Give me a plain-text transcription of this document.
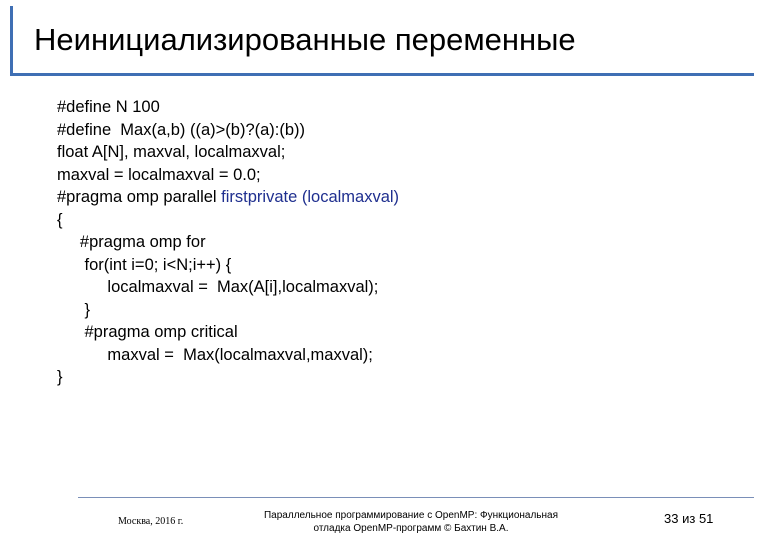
Неинициализированные переменные
#define N 100
#define  Max(a,b) ((a)>(b)?(a):(b))
float A[N], maxval, localmaxval;
maxval = localmaxval = 0.0;
#pragma omp parallel firstprivate (localmaxval)
{
#pragma omp for
for(int i=0; i<N;i++) {
localmaxval =  Max(A[i],localmaxval);
}
#pragma omp critical
maxval =  Max(localmaxval,maxval);
}
Москва, 2016 г.
Параллельное программирование с OpenMP: Функциональная
отладка OpenMP-программ © Бахтин В.А.
33 из 51
